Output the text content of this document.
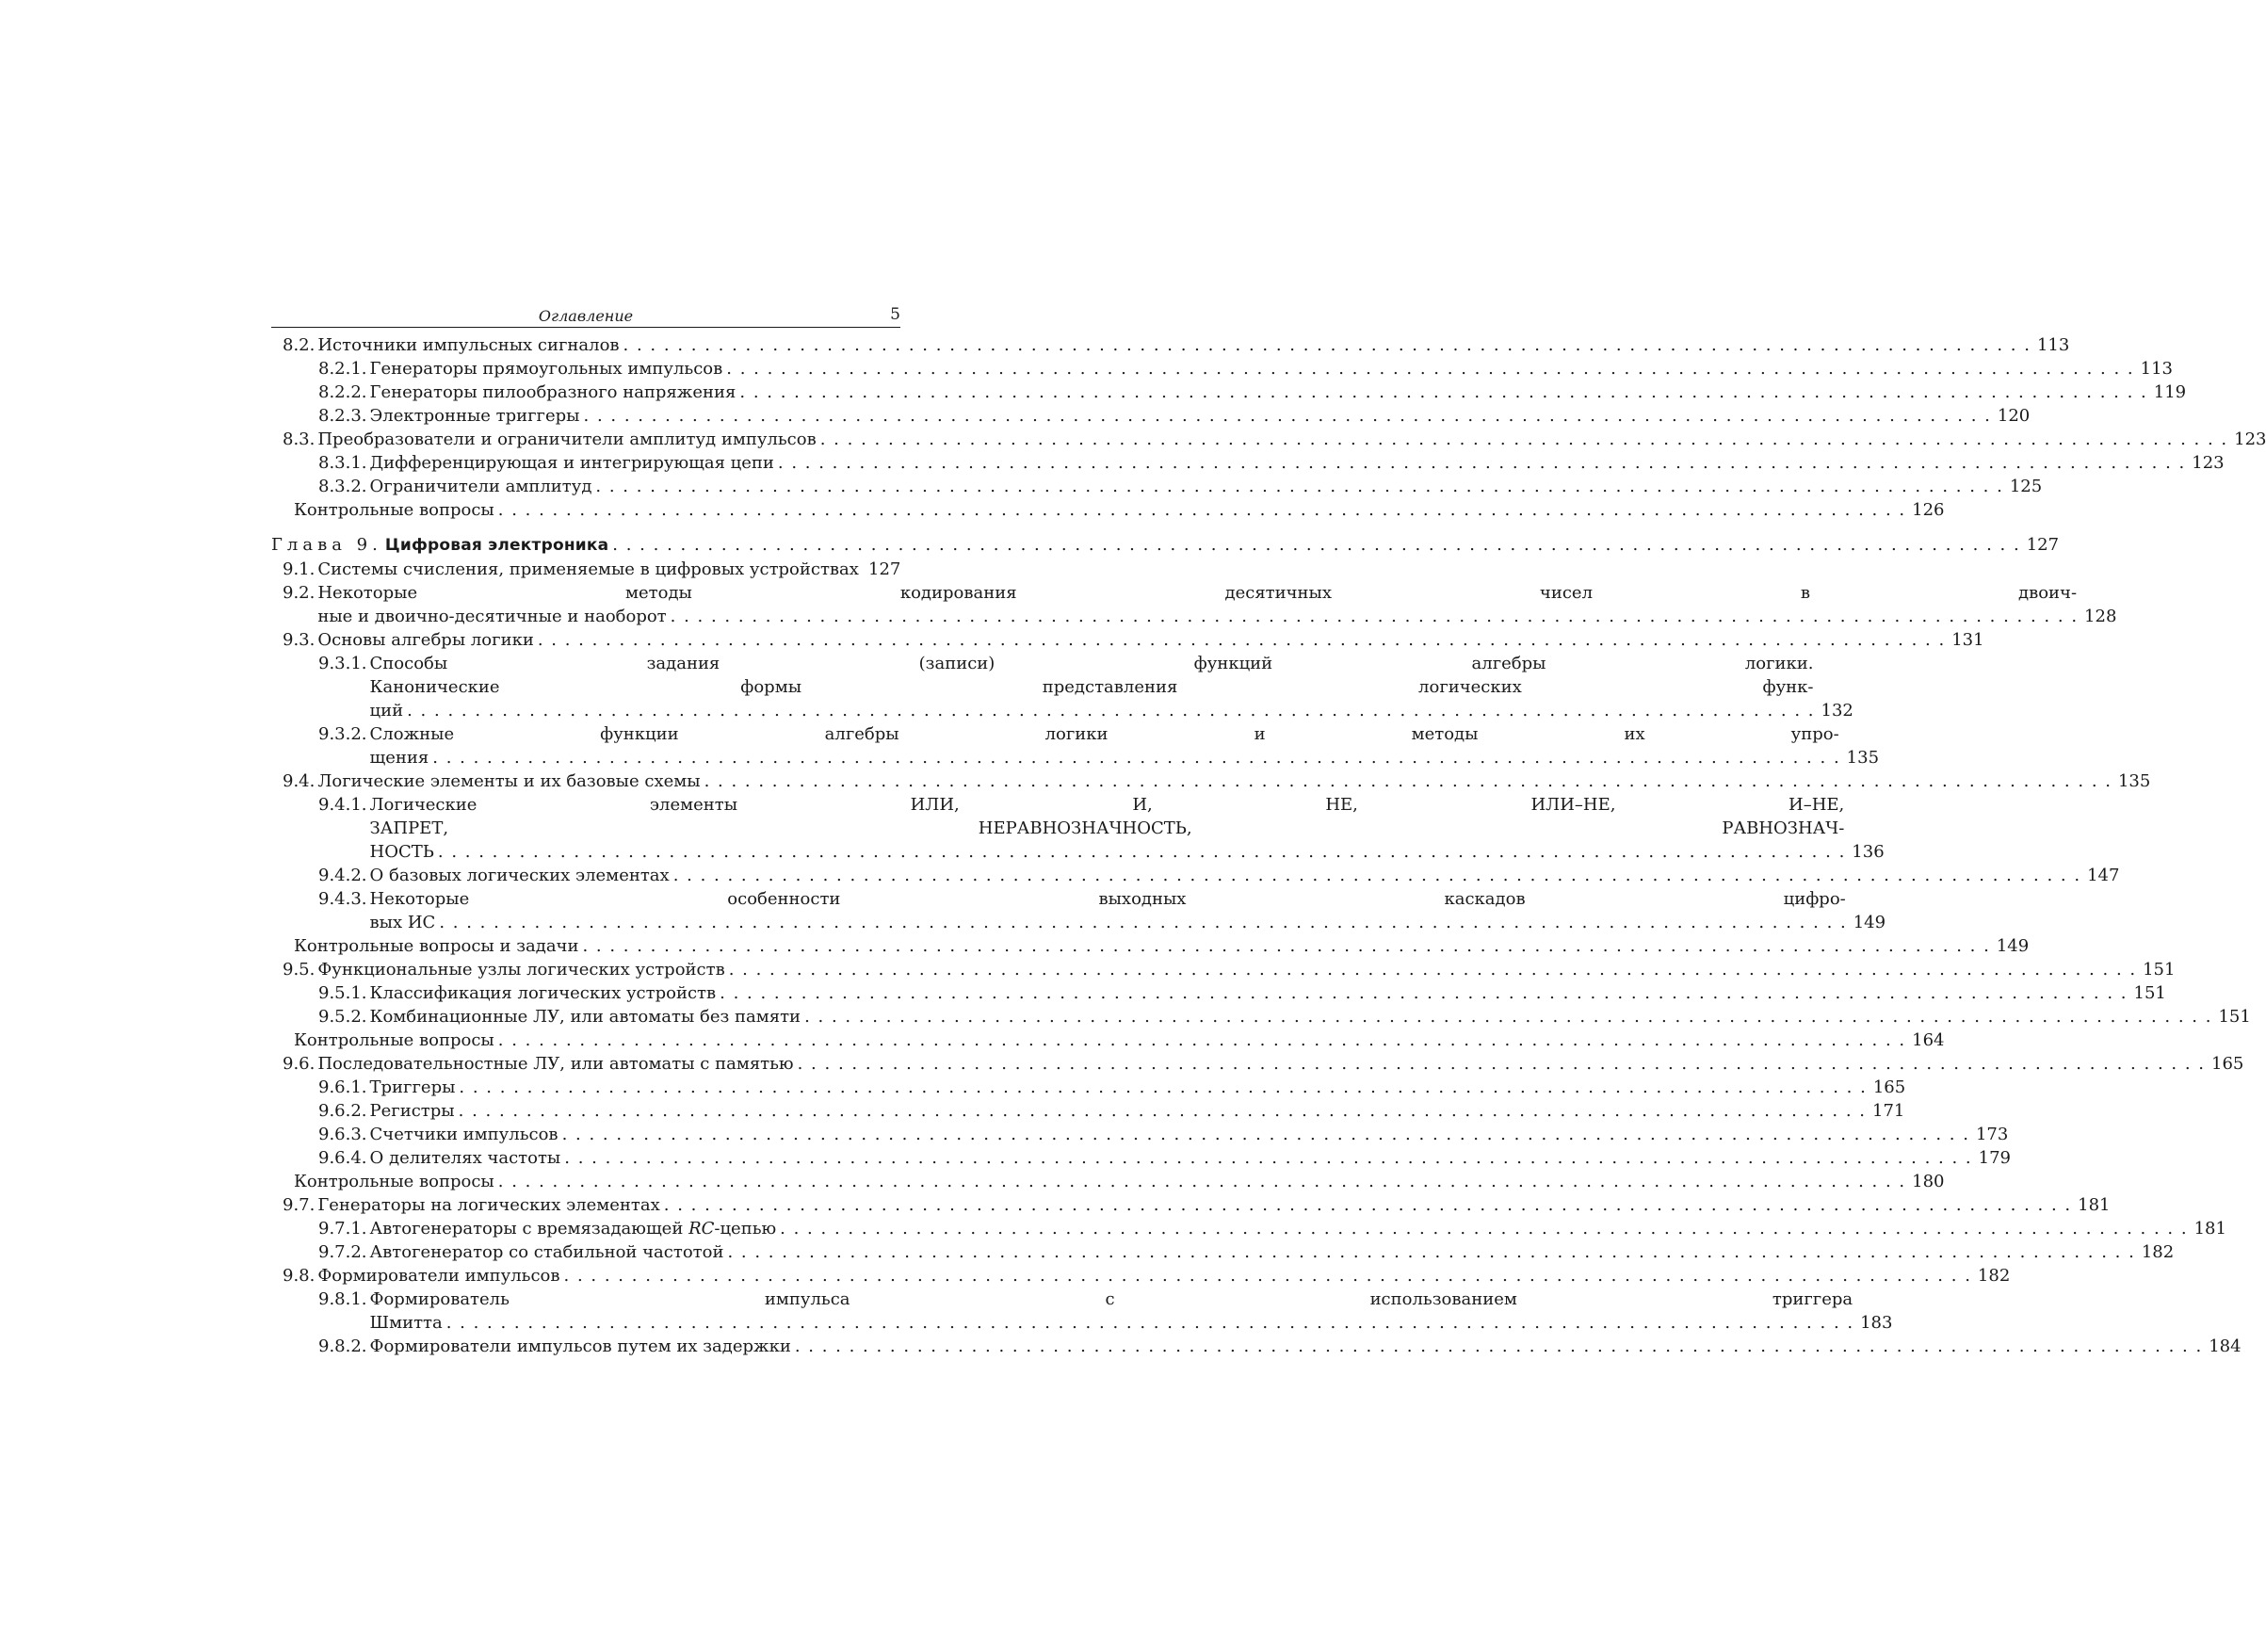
Оглавление	5
8.2. Источники импульсных сигналов . . .	113
8.2.1. Генераторы прямоугольных импульсов . . .	113
8.2.2. Генераторы пилообразного напряжения . . .	119
8.2.3. Электронные триггеры . . .	120
8.3. Преобразователи и ограничители амплитуд импульсов . . .	123
8.3.1. Дифференцирующая и интегрирующая цепи . . .	123
8.3.2. Ограничители амплитуд . . .	125
Контрольные вопросы . . .	126
Глава 9. Цифровая электроника . . .	127
9.1. Системы счисления, применяемые в цифровых устройствах 127
9.2. Некоторые методы кодирования десятичных чисел в двоич-
ные и двоично-десятичные и наоборот . . .	128
9.3. Основы алгебры логики . . .	131
9.3.1. Способы задания (записи) функций алгебры логики.
Канонические формы представления логических функ-
ций . . .	132
9.3.2. Сложные функции алгебры логики и методы их упро-
щения . . .	135
9.4. Логические элементы и их базовые схемы . . .	135
9.4.1. Логические элементы ИЛИ, И, НЕ, ИЛИ–НЕ, И–НЕ,
ЗАПРЕТ, НЕРАВНОЗНАЧНОСТЬ, РАВНОЗНАЧ-
НОСТЬ . . .	136
9.4.2. О базовых логических элементах . . .	147
9.4.3. Некоторые особенности выходных каскадов цифро-
вых ИС . . .	149
Контрольные вопросы и задачи . . .	149
9.5. Функциональные узлы логических устройств . . .	151
9.5.1. Классификация логических устройств . . .	151
9.5.2. Комбинационные ЛУ, или автоматы без памяти . . .	151
Контрольные вопросы . . .	164
9.6. Последовательностные ЛУ, или автоматы с памятью . . .	165
9.6.1. Триггеры . . .	165
9.6.2. Регистры . . .	171
9.6.3. Счетчики импульсов . . .	173
9.6.4. О делителях частоты . . .	179
Контрольные вопросы . . .	180
9.7. Генераторы на логических элементах . . .	181
9.7.1. Автогенераторы с времязадающей RC-цепью . . .	181
9.7.2. Автогенератор со стабильной частотой . . .	182
9.8. Формирователи импульсов . . .	182
9.8.1. Формирователь импульса с использованием триггера
Шмитта . . .	183
9.8.2. Формирователи импульсов путем их задержки . . .	184
